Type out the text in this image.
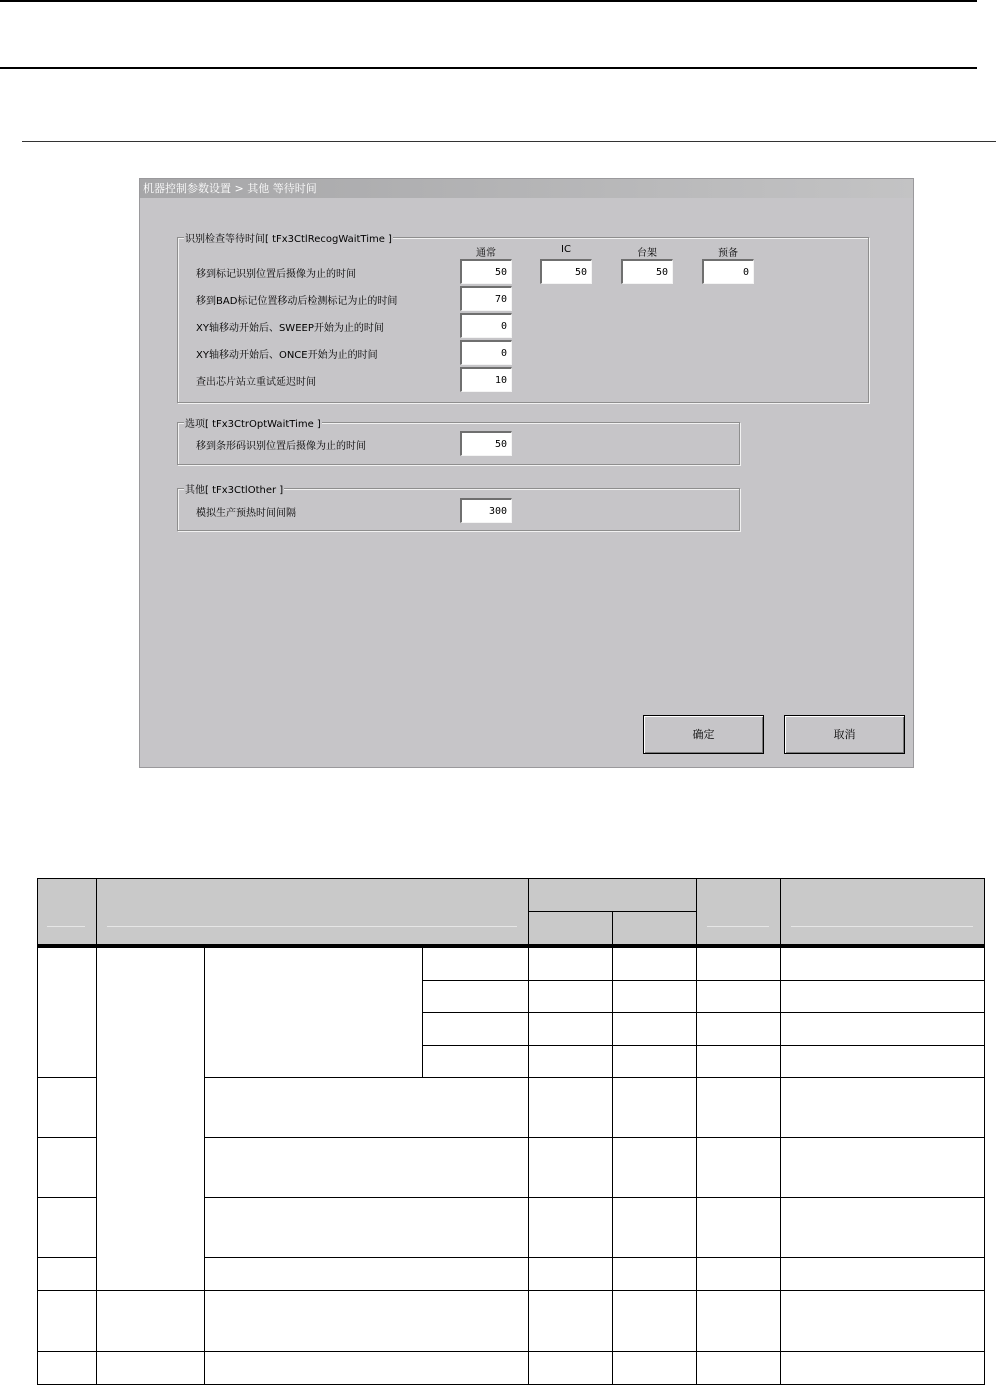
机器控制参数设置 > 其他 等待时间
识别检查等待时间[ tFx3CtlRecogWaitTime ]
通常	IC	台架	预备
移到标记识别位置后摄像为止的时间	50	50	50	0
移到BAD标记位置移动后检测标记为止的时间	70
XY轴移动开始后、SWEEP开始为止的时间	0
XY轴移动开始后、ONCE开始为止的时间	0
查出芯片站立重试延迟时间	10
选项[ tFx3CtrOptWaitTime ]
移到条形码识别位置后摄像为止的时间	50
其他[ tFx3CtlOther ]
模拟生产预热时间间隔	300
确定	取消
